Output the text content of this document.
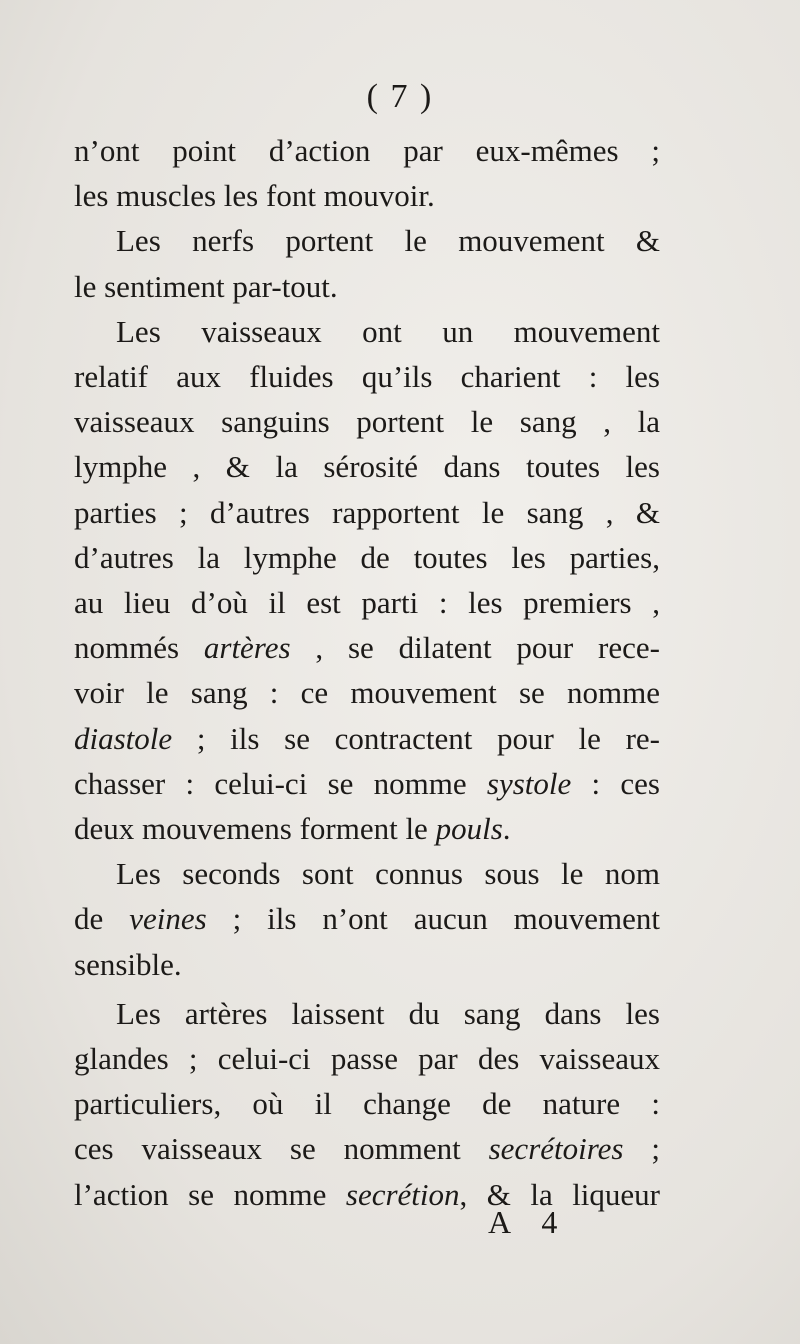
( 7 )
n’ont point d’action par eux-mêmes ;
les muscles les font mouvoir.
Les nerfs portent le mouvement &
le sentiment par-tout.
Les vaisseaux ont un mouvement
relatif aux fluides qu’ils charient : les
vaisseaux sanguins portent le sang , la
lymphe , & la sérosité dans toutes les
parties ; d’autres rapportent le sang , &
d’autres la lymphe de toutes les parties,
au lieu d’où il est parti : les premiers ,
nommés artères , se dilatent pour rece-
voir le sang : ce mouvement se nomme
diastole ; ils se contractent pour le re-
chasser : celui-ci se nomme systole : ces
deux mouvemens forment le pouls.
Les seconds sont connus sous le nom
de veines ; ils n’ont aucun mouvement
sensible.
Les artères laissent du sang dans les
glandes ; celui-ci passe par des vaisseaux
particuliers, où il change de nature :
ces vaisseaux se nomment secrétoires ;
l’action se nomme secrétion, & la liqueur
A 4
